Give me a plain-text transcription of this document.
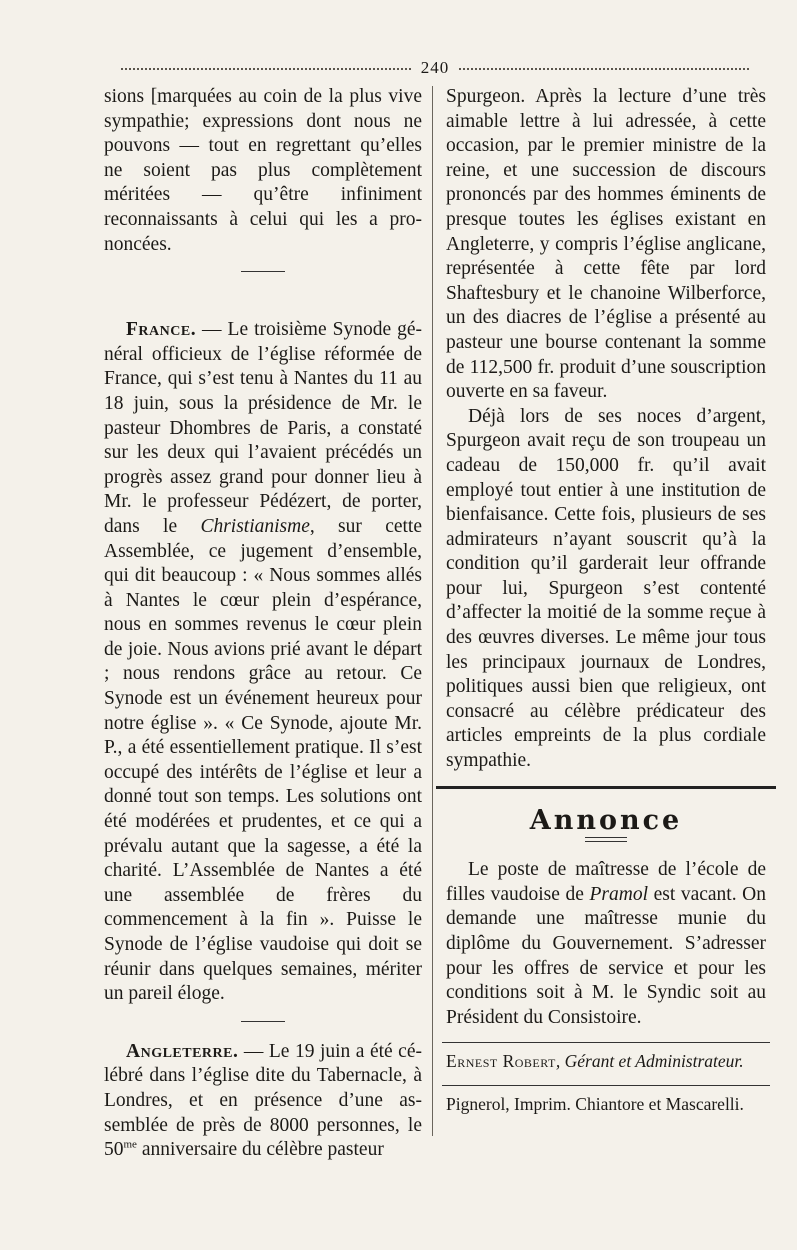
240

sions [marquées au coin de la plus vive sympathie; expressions dont nous ne pouvons — tout en regrettant qu’elles ne soient pas plus complètement méritées — qu’être infiniment reconnaissants à celui qui les a prononcées.

France. — Le troisième Synode général officieux de l’église réformée de France, qui s’est tenu à Nantes du 11 au 18 juin, sous la présidence de Mr. le pasteur Dhombres de Paris, a constaté sur les deux qui l’avaient précédés un progrès assez grand pour donner lieu à Mr. le professeur Pédézert, de porter, dans le Christianisme, sur cette Assemblée, ce jugement d’ensemble, qui dit beaucoup : « Nous sommes allés à Nantes le cœur plein d’espérance, nous en sommes revenus le cœur plein de joie. Nous avions prié avant le départ ; nous rendons grâce au retour. Ce Synode est un événement heureux pour notre église ». « Ce Synode, ajoute Mr. P., a été essentiellement pratique. Il s’est occupé des intérêts de l’église et leur a donné tout son temps. Les solutions ont été modérées et prudentes, et ce qui a prévalu autant que la sagesse, a été la charité. L’Assemblée de Nantes a été une assemblée de frères du commencement à la fin ». Puisse le Synode de l’église vaudoise qui doit se réunir dans quelques semaines, mériter un pareil éloge.

Angleterre. — Le 19 juin a été célébré dans l’église dite du Tabernacle, à Londres, et en présence d’une assemblée de près de 8000 personnes, le $50^{me}$ anniversaire du célèbre pasteur

Spurgeon. Après la lecture d’une très aimable lettre à lui adressée, à cette occasion, par le premier ministre de la reine, et une succession de discours prononcés par des hommes éminents de presque toutes les églises existant en Angleterre, y compris l’église anglicane, représentée à cette fête par lord Shaftesbury et le chanoine Wilberforce, un des diacres de l’église a présenté au pasteur une bourse contenant la somme de 112,500 fr. produit d’une souscription ouverte en sa faveur.

Déjà lors de ses noces d’argent, Spurgeon avait reçu de son troupeau un cadeau de 150,000 fr. qu’il avait employé tout entier à une institution de bienfaisance. Cette fois, plusieurs de ses admirateurs n’ayant souscrit qu’à la condition qu’il garderait leur offrande pour lui, Spurgeon s’est contenté d’affecter la moitié de la somme reçue à des œuvres diverses. Le même jour tous les principaux journaux de Londres, politiques aussi bien que religieux, ont consacré au célèbre prédicateur des articles empreints de la plus cordiale sympathie.

Annonce

Le poste de maîtresse de l’école de filles vaudoise de Pramol est vacant. On demande une maîtresse munie du diplôme du Gouvernement. S’adresser pour les offres de service et pour les conditions soit à M. le Syndic soit au Président du Consistoire.

Ernest Robert, Gérant et Administrateur.

Pignerol, Imprim. Chiantore et Mascarelli.
